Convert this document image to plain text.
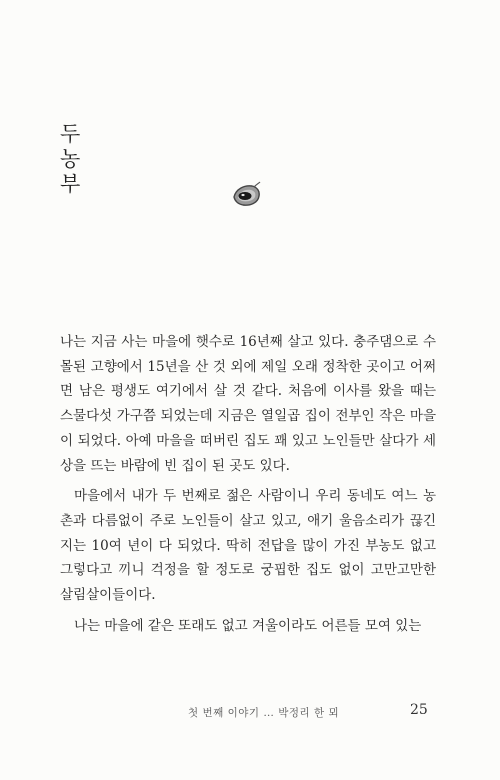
두
농
부

나는 지금 사는 마을에 햇수로 16년째 살고 있다. 충주댐으로 수몰된 고향에서 15년을 산 것 외에 제일 오래 정착한 곳이고 어쩌면 남은 평생도 여기에서 살 것 같다. 처음에 이사를 왔을 때는 스물다섯 가구쯤 되었는데 지금은 열일곱 집이 전부인 작은 마을이 되었다. 아예 마을을 떠버린 집도 꽤 있고 노인들만 살다가 세상을 뜨는 바람에 빈 집이 된 곳도 있다.

마을에서 내가 두 번째로 젊은 사람이니 우리 동네도 여느 농촌과 다름없이 주로 노인들이 살고 있고, 애기 울음소리가 끊긴 지는 10여 년이 다 되었다. 딱히 전답을 많이 가진 부농도 없고 그렇다고 끼니 걱정을 할 정도로 궁핍한 집도 없이 고만고만한 살림살이들이다.

나는 마을에 같은 또래도 없고 겨울이라도 어른들 모여 있는

첫 번째 이야기 … 박정리 한 뫼	25
